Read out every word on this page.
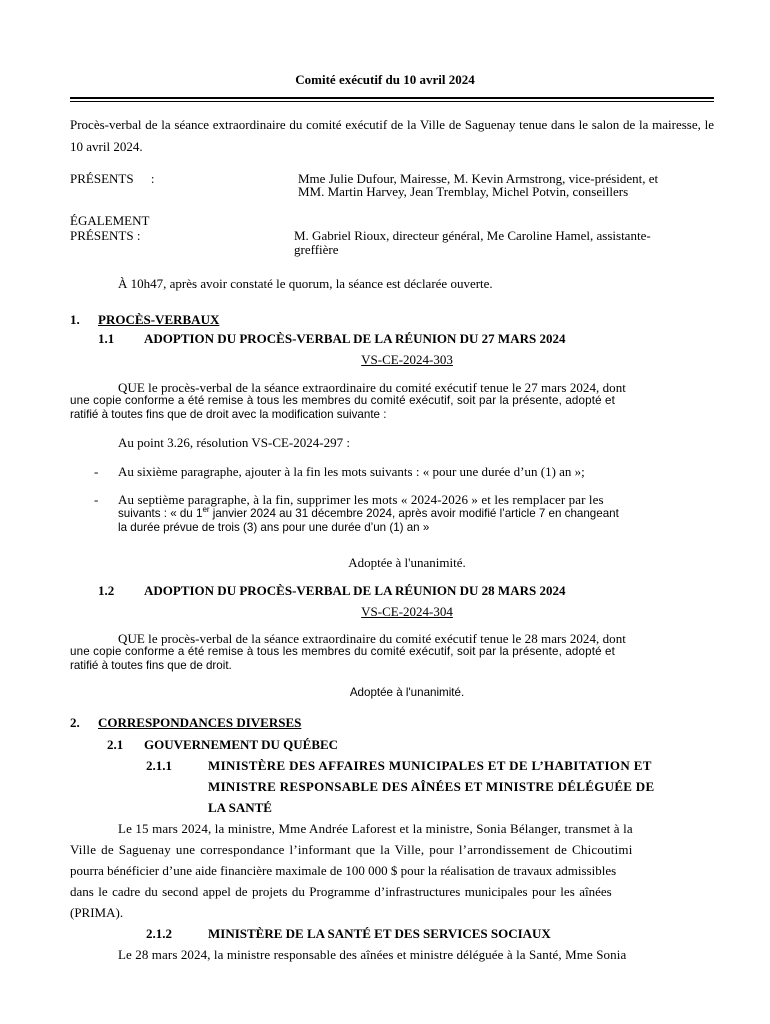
Comité exécutif du 10 avril 2024
Procès-verbal de la séance extraordinaire du comité exécutif de la Ville de Saguenay tenue dans le salon de la mairesse, le 10 avril 2024.
PRÉSENTS :	Mme Julie Dufour, Mairesse, M. Kevin Armstrong, vice-président, et
MM. Martin Harvey, Jean Tremblay, Michel Potvin, conseillers
ÉGALEMENT
PRÉSENTS :	M. Gabriel Rioux, directeur général, Me Caroline Hamel, assistante-
greffière
À 10h47, après avoir constaté le quorum, la séance est déclarée ouverte.
1. PROCÈS-VERBAUX
1.1 ADOPTION DU PROCÈS-VERBAL DE LA RÉUNION DU 27 MARS 2024
VS-CE-2024-303
QUE le procès-verbal de la séance extraordinaire du comité exécutif tenue le 27 mars 2024, dont
une copie conforme a été remise à tous les membres du comité exécutif, soit par la présente, adopté et
ratifié à toutes fins que de droit avec la modification suivante :
Au point 3.26, résolution VS-CE-2024-297 :
- Au sixième paragraphe, ajouter à la fin les mots suivants : « pour une durée d’un (1) an »;
- Au septième paragraphe, à la fin, supprimer les mots « 2024-2026 » et les remplacer par les
suivants : « du 1er janvier 2024 au 31 décembre 2024, après avoir modifié l’article 7 en changeant
la durée prévue de trois (3) ans pour une durée d’un (1) an »
Adoptée à l'unanimité.
1.2 ADOPTION DU PROCÈS-VERBAL DE LA RÉUNION DU 28 MARS 2024
VS-CE-2024-304
QUE le procès-verbal de la séance extraordinaire du comité exécutif tenue le 28 mars 2024, dont
une copie conforme a été remise à tous les membres du comité exécutif, soit par la présente, adopté et
ratifié à toutes fins que de droit.
Adoptée à l'unanimité.
2. CORRESPONDANCES DIVERSES
2.1 GOUVERNEMENT DU QUÉBEC
2.1.1	MINISTÈRE DES AFFAIRES MUNICIPALES ET DE L’HABITATION ET
MINISTRE RESPONSABLE DES AÎNÉES ET MINISTRE DÉLÉGUÉE DE
LA SANTÉ
Le 15 mars 2024, la ministre, Mme Andrée Laforest et la ministre, Sonia Bélanger, transmet à la
Ville de Saguenay une correspondance l’informant que la Ville, pour l’arrondissement de Chicoutimi
pourra bénéficier d’une aide financière maximale de 100 000 $ pour la réalisation de travaux admissibles
dans le cadre du second appel de projets du Programme d’infrastructures municipales pour les aînées
(PRIMA).
2.1.2	MINISTÈRE DE LA SANTÉ ET DES SERVICES SOCIAUX
Le 28 mars 2024, la ministre responsable des aînées et ministre déléguée à la Santé, Mme Sonia
